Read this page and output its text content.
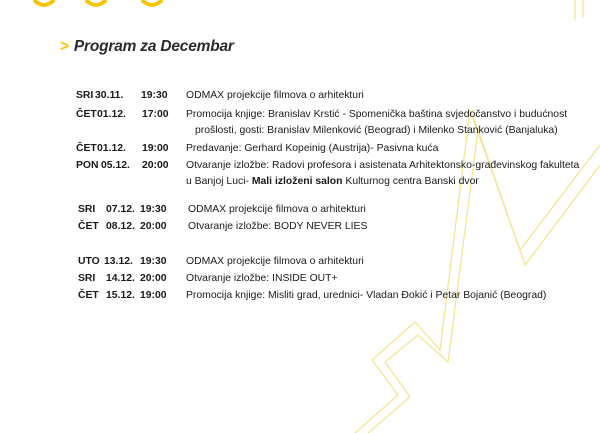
> Program za Decembar
SRI 30.11. 19:30 ODMAX projekcije filmova o arhitekturi
ČET 01.12. 17:00 Promocija knjige: Branislav Krstić - Spomenička baština svjedočanstvo i budućnost
prošlosti, gosti: Branislav Milenković (Beograd) i Milenko Stanković (Banjaluka)
ČET 01.12. 19:00 Predavanje: Gerhard Kopeinig (Austrija)- Pasivna kuća
PON 05.12. 20:00 Otvaranje izložbe: Radovi profesora i asistenata Arhitektonsko-građevinskog fakulteta
u Banjoj Luci- Mali izloženi salon Kulturnog centra Banski dvor
SRI 07.12. 19:30 ODMAX projekcije filmova o arhitekturi
ČET 08.12. 20:00 Otvaranje izložbe: BODY NEVER LIES
UTO 13.12. 19:30 ODMAX projekcije filmova o arhitekturi
SRI 14.12. 20:00 Otvaranje izložbe: INSIDE OUT+
ČET 15.12. 19:00 Promocija knjige: Misliti grad, urednici- Vladan Đokić i Petar Bojanić (Beograd)
